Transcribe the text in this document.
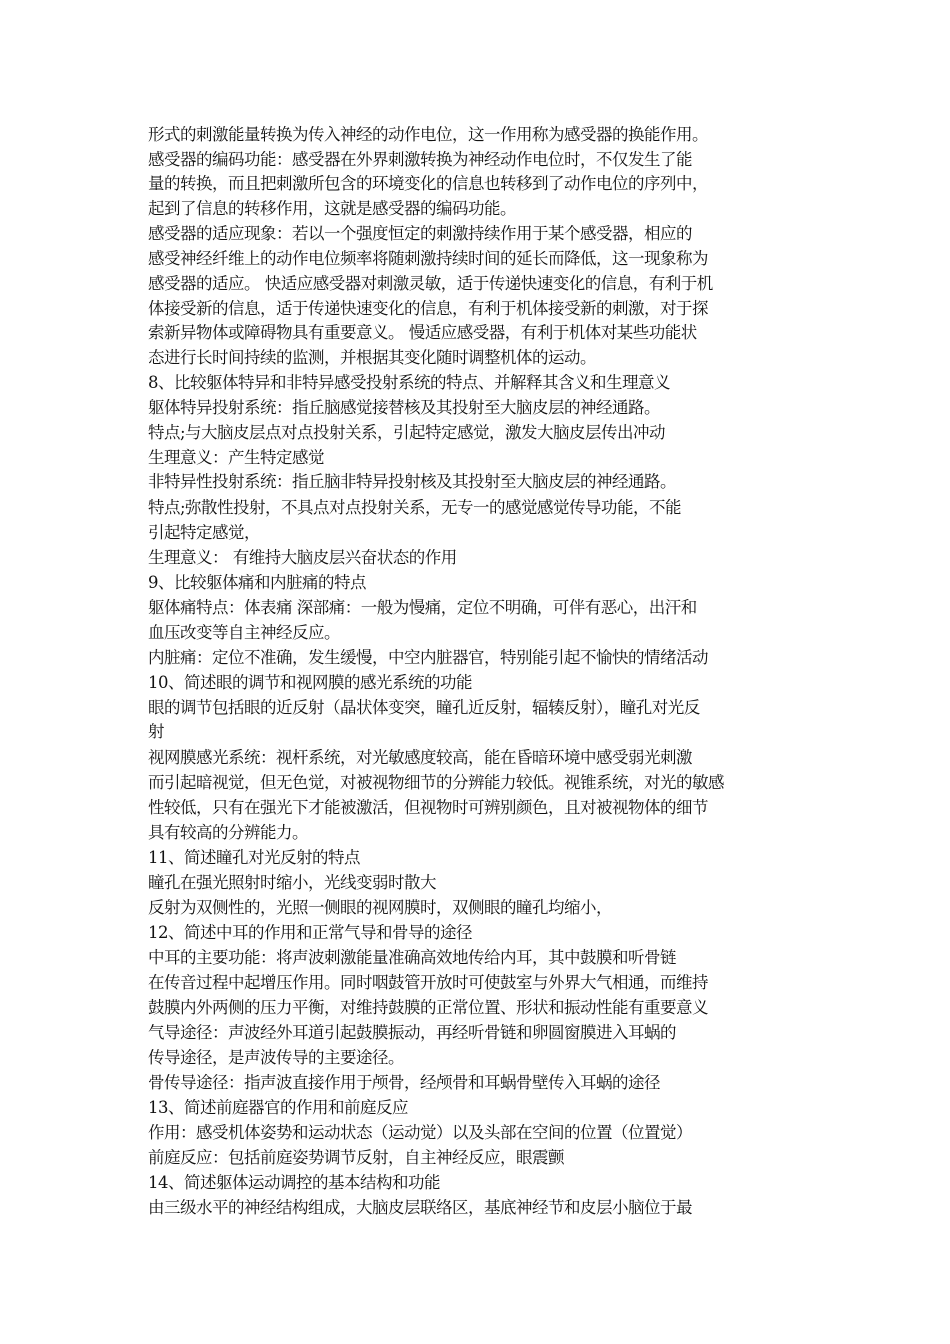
形式的刺激能量转换为传入神经的动作电位，这一作用称为感受器的换能作用。
感受器的编码功能：感受器在外界刺激转换为神经动作电位时，不仅发生了能
量的转换，而且把刺激所包含的环境变化的信息也转移到了动作电位的序列中，
起到了信息的转移作用，这就是感受器的编码功能。
感受器的适应现象：若以一个强度恒定的刺激持续作用于某个感受器，相应的
感受神经纤维上的动作电位频率将随刺激持续时间的延长而降低，这一现象称为
感受器的适应。 快适应感受器对刺激灵敏，适于传递快速变化的信息，有利于机
体接受新的信息，适于传递快速变化的信息，有利于机体接受新的刺激，对于探
索新异物体或障碍物具有重要意义。 慢适应感受器，有利于机体对某些功能状
态进行长时间持续的监测，并根据其变化随时调整机体的运动。
8、比较躯体特异和非特异感受投射系统的特点、并解释其含义和生理意义
躯体特异投射系统：指丘脑感觉接替核及其投射至大脑皮层的神经通路。
特点;与大脑皮层点对点投射关系，引起特定感觉，激发大脑皮层传出冲动
生理意义：产生特定感觉
非特异性投射系统：指丘脑非特异投射核及其投射至大脑皮层的神经通路。
特点;弥散性投射，不具点对点投射关系，无专一的感觉感觉传导功能，不能
引起特定感觉，
生理意义： 有维持大脑皮层兴奋状态的作用
9、比较躯体痛和内脏痛的特点
躯体痛特点：体表痛 深部痛：一般为慢痛，定位不明确，可伴有恶心，出汗和
血压改变等自主神经反应。
内脏痛：定位不准确，发生缓慢，中空内脏器官，特别能引起不愉快的情绪活动
10、简述眼的调节和视网膜的感光系统的功能
眼的调节包括眼的近反射（晶状体变突，瞳孔近反射，辐辏反射），瞳孔对光反
射
视网膜感光系统：视杆系统，对光敏感度较高，能在昏暗环境中感受弱光刺激
而引起暗视觉，但无色觉，对被视物细节的分辨能力较低。视锥系统，对光的敏感
性较低，只有在强光下才能被激活，但视物时可辨别颜色，且对被视物体的细节
具有较高的分辨能力。
11、简述瞳孔对光反射的特点
瞳孔在强光照射时缩小，光线变弱时散大
反射为双侧性的，光照一侧眼的视网膜时，双侧眼的瞳孔均缩小，
12、简述中耳的作用和正常气导和骨导的途径
中耳的主要功能：将声波刺激能量准确高效地传给内耳，其中鼓膜和听骨链
在传音过程中起增压作用。同时咽鼓管开放时可使鼓室与外界大气相通，而维持
鼓膜内外两侧的压力平衡，对维持鼓膜的正常位置、形状和振动性能有重要意义
气导途径：声波经外耳道引起鼓膜振动，再经听骨链和卵圆窗膜进入耳蜗的
传导途径，是声波传导的主要途径。
骨传导途径：指声波直接作用于颅骨，经颅骨和耳蜗骨壁传入耳蜗的途径
13、简述前庭器官的作用和前庭反应
作用：感受机体姿势和运动状态（运动觉）以及头部在空间的位置（位置觉）
前庭反应：包括前庭姿势调节反射，自主神经反应，眼震颤
14、简述躯体运动调控的基本结构和功能
由三级水平的神经结构组成，大脑皮层联络区，基底神经节和皮层小脑位于最
